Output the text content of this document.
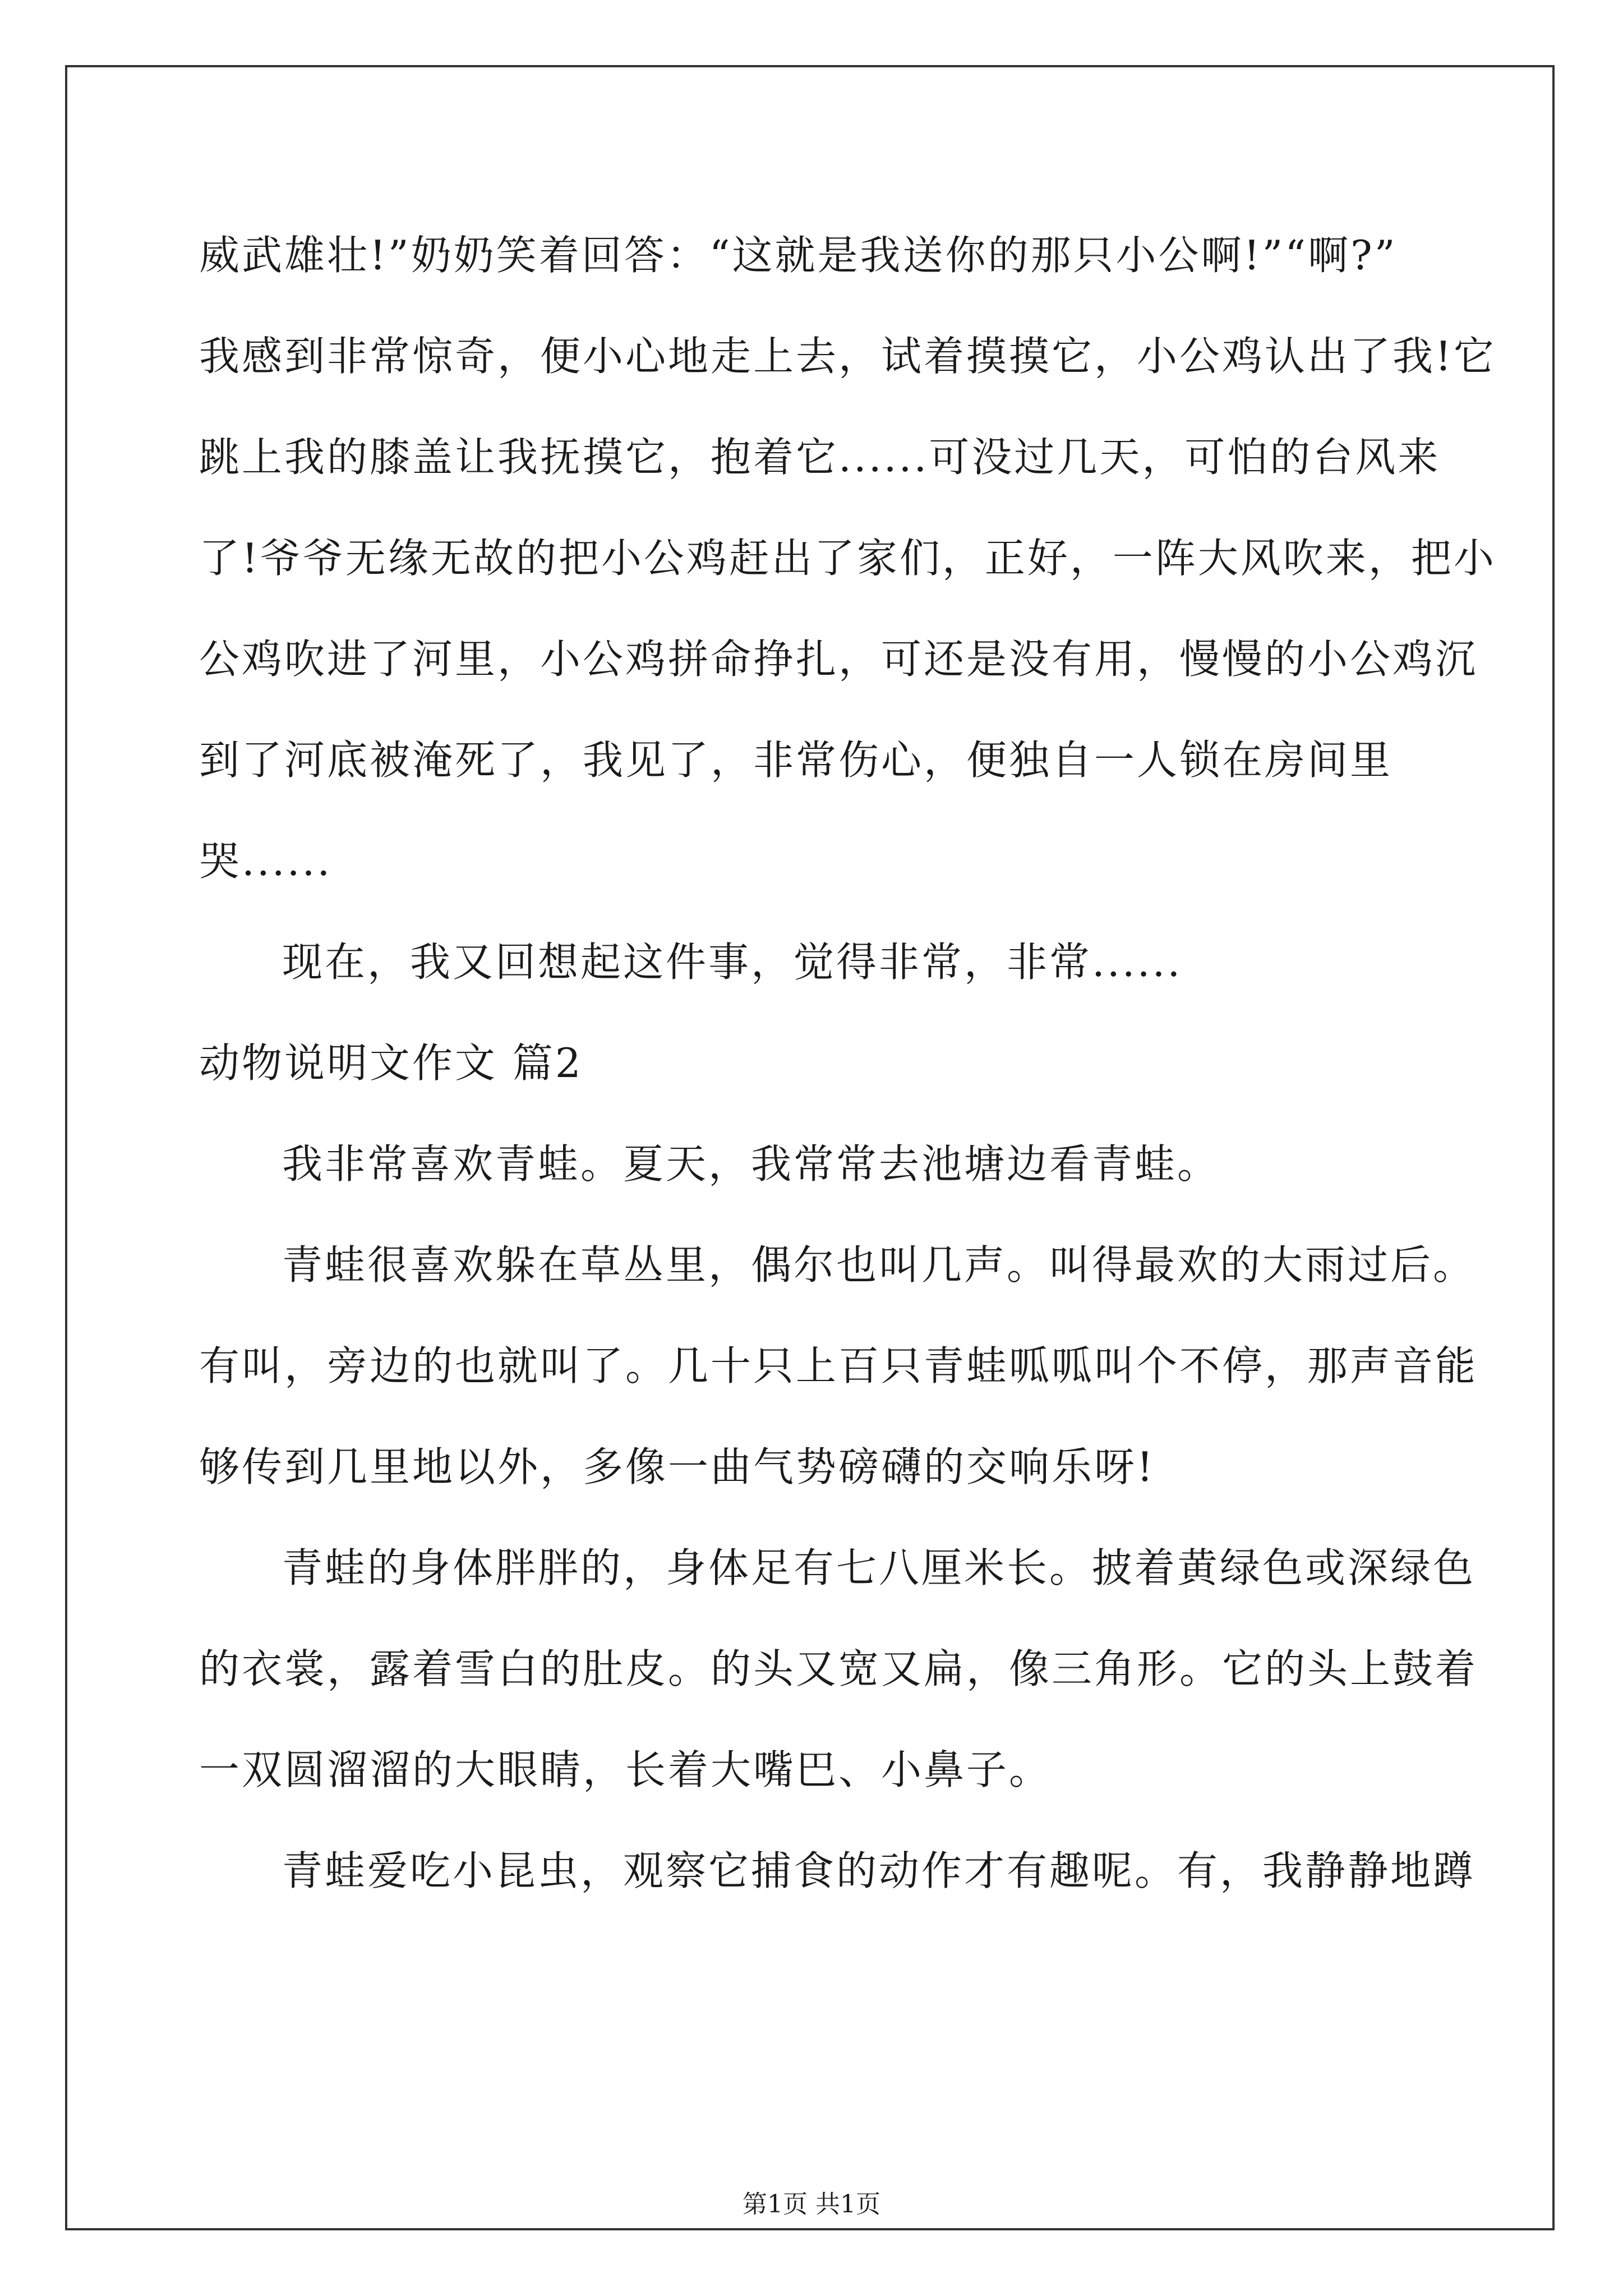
威武雄壮!”奶奶笑着回答：“这就是我送你的那只小公啊!”“啊?”
我感到非常惊奇，便小心地走上去，试着摸摸它，小公鸡认出了我!它
跳上我的膝盖让我抚摸它，抱着它......可没过几天，可怕的台风来
了!爷爷无缘无故的把小公鸡赶出了家们，正好，一阵大风吹来，把小
公鸡吹进了河里，小公鸡拼命挣扎，可还是没有用，慢慢的小公鸡沉
到了河底被淹死了，我见了，非常伤心，便独自一人锁在房间里
哭......
现在，我又回想起这件事，觉得非常，非常......
动物说明文作文 篇2
我非常喜欢青蛙。夏天，我常常去池塘边看青蛙。
青蛙很喜欢躲在草丛里，偶尔也叫几声。叫得最欢的大雨过后。
有叫，旁边的也就叫了。几十只上百只青蛙呱呱叫个不停，那声音能
够传到几里地以外，多像一曲气势磅礴的交响乐呀!
青蛙的身体胖胖的，身体足有七八厘米长。披着黄绿色或深绿色
的衣裳，露着雪白的肚皮。的头又宽又扁，像三角形。它的头上鼓着
一双圆溜溜的大眼睛，长着大嘴巴、小鼻子。
青蛙爱吃小昆虫，观察它捕食的动作才有趣呢。有，我静静地蹲
第1页 共1页
